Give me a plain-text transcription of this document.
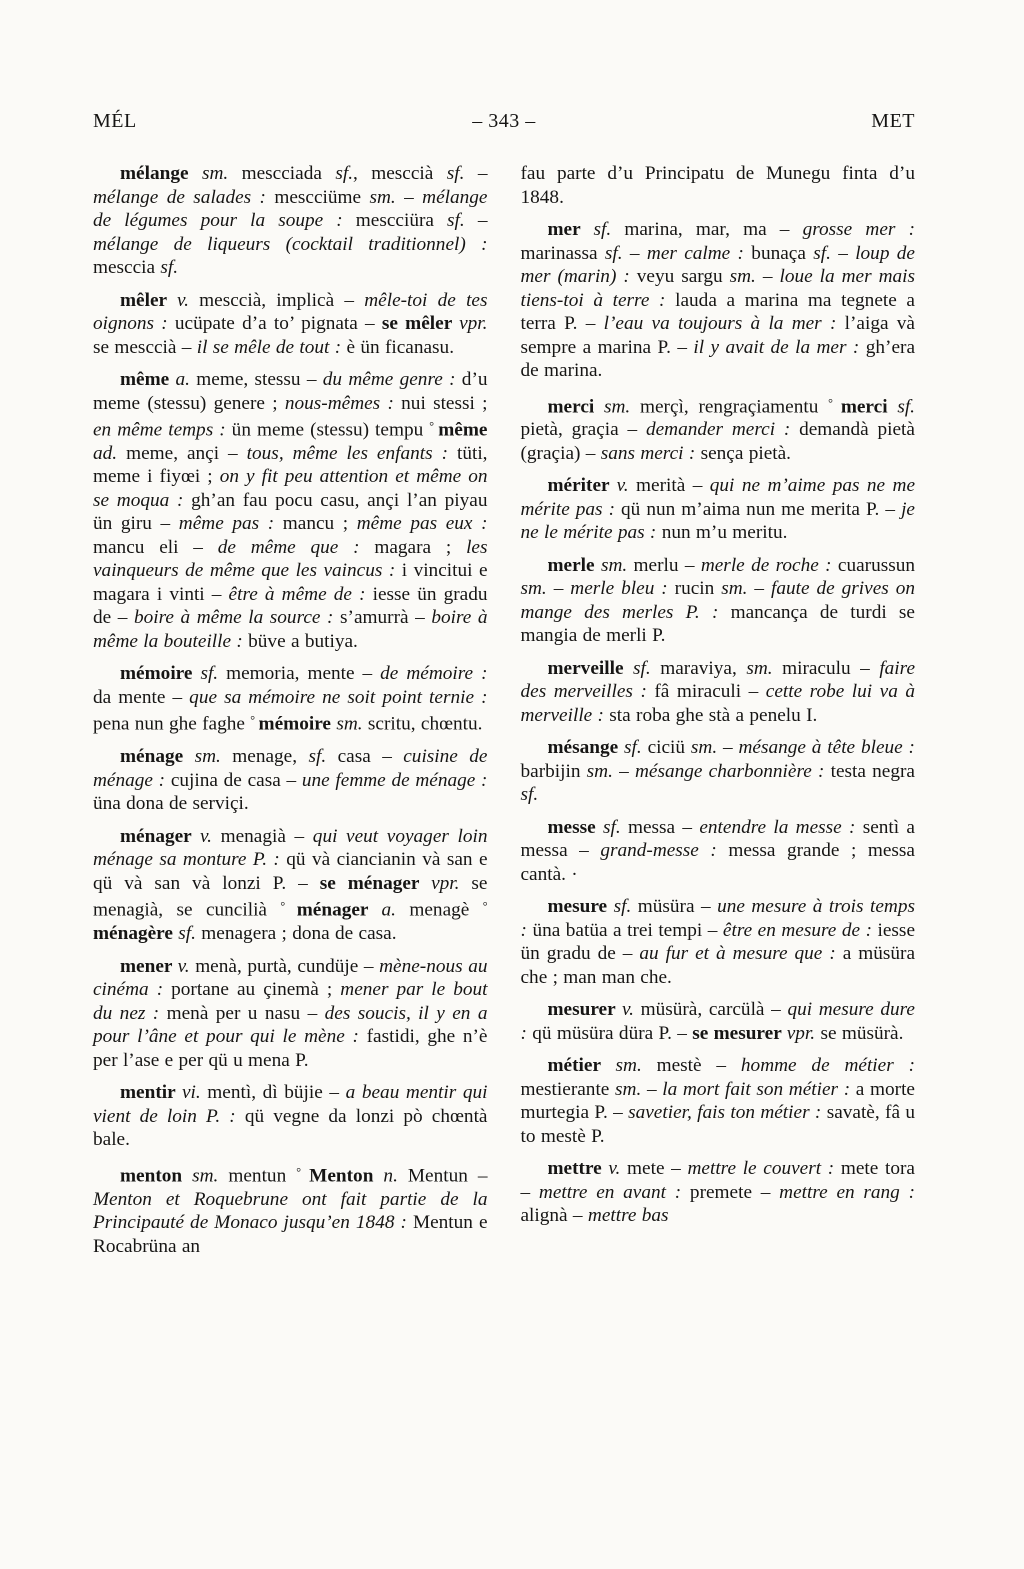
MÉL	– 343 –	MET

mélange sm. mescciada sf., mesccià sf. – mélange de salades : mescciüme sm. – mélange de légumes pour la soupe : mescciüra sf. – mélange de liqueurs (cocktail traditionnel) : mesccia sf.

mêler v. mesccià, implicà – mêle-toi de tes oignons : ucüpate d’a to’ pignata – se mêler vpr. se mesccià – il se mêle de tout : è ün ficanasu.

même a. meme, stessu – du même genre : d’u meme (stessu) genere ; nous-mêmes : nui stessi ; en même temps : ün meme (stessu) tempu ° même ad. meme, ançi – tous, même les enfants : tüti, meme i fiyœi ; on y fit peu attention et même on se moqua : gh’an fau pocu casu, ançi l’an piyau ün giru – même pas : mancu ; même pas eux : mancu eli – de même que : magara ; les vainqueurs de même que les vaincus : i vincitui e magara i vinti – être à même de : iesse ün gradu de – boire à même la source : s’amurrà – boire à même la bouteille : büve a butiya.

mémoire sf. memoria, mente – de mémoire : da mente – que sa mémoire ne soit point ternie : pena nun ghe faghe ° mémoire sm. scritu, chœntu.

ménage sm. menage, sf. casa – cuisine de ménage : cujina de casa – une femme de ménage : üna dona de serviçi.

ménager v. menagià – qui veut voyager loin ménage sa monture P. : qü và ciancianin và san e qü và san và lonzi P. – se ménager vpr. se menagià, se cuncilià ° ménager a. menagè ° ménagère sf. menagera ; dona de casa.

mener v. menà, purtà, cundüje – mène-nous au cinéma : portane au çinemà ; mener par le bout du nez : menà per u nasu – des soucis, il y en a pour l’âne et pour qui le mène : fastidi, ghe n’è per l’ase e per qü u mena P.

mentir vi. mentì, dì büjie – a beau mentir qui vient de loin P. : qü vegne da lonzi pò chœntà bale.

menton sm. mentun ° Menton n. Mentun – Menton et Roquebrune ont fait partie de la Principauté de Monaco jusqu’en 1848 : Mentun e Rocabrüna an

fau parte d’u Principatu de Munegu finta d’u 1848.

mer sf. marina, mar, ma – grosse mer : marinassa sf. – mer calme : bunaça sf. – loup de mer (marin) : veyu sargu sm. – loue la mer mais tiens-toi à terre : lauda a marina ma tegnete a terra P. – l’eau va toujours à la mer : l’aiga và sempre a marina P. – il y avait de la mer : gh’era de marina.

merci sm. merçì, rengraçiamentu ° merci sf. pietà, graçia – demander merci : demandà pietà (graçia) – sans merci : sença pietà.

mériter v. merità – qui ne m’aime pas ne me mérite pas : qü nun m’aima nun me merita P. – je ne le mérite pas : nun m’u meritu.

merle sm. merlu – merle de roche : cuarussun sm. – merle bleu : rucin sm. – faute de grives on mange des merles P. : mancança de turdi se mangia de merli P.

merveille sf. maraviya, sm. miraculu – faire des merveilles : fâ miraculi – cette robe lui va à merveille : sta roba ghe stà a penelu I.

mésange sf. ciciü sm. – mésange à tête bleue : barbijin sm. – mésange charbonnière : testa negra sf.

messe sf. messa – entendre la messe : sentì a messa – grand-messe : messa grande ; messa cantà. ·

mesure sf. müsüra – une mesure à trois temps : üna batüa a trei tempi – être en mesure de : iesse ün gradu de – au fur et à mesure que : a müsüra che ; man man che.

mesurer v. müsürà, carcülà – qui mesure dure : qü müsüra düra P. – se mesurer vpr. se müsürà.

métier sm. mestè – homme de métier : mestierante sm. – la mort fait son métier : a morte murtegia P. – savetier, fais ton métier : savatè, fâ u to mestè P.

mettre v. mete – mettre le couvert : mete tora – mettre en avant : premete – mettre en rang : alignà – mettre bas
